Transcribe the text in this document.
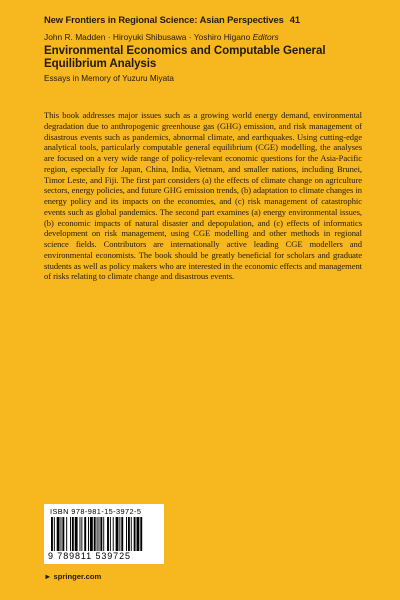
New Frontiers in Regional Science: Asian Perspectives 41
John R. Madden · Hiroyuki Shibusawa · Yoshiro Higano Editors
Environmental Economics and Computable General Equilibrium Analysis
Essays in Memory of Yuzuru Miyata
This book addresses major issues such as a growing world energy demand, environmental degradation due to anthropogenic greenhouse gas (GHG) emission, and risk management of disastrous events such as pandemics, abnormal climate, and earthquakes. Using cutting-edge analytical tools, particularly computable general equilibrium (CGE) modelling, the analyses are focused on a very wide range of policy-relevant economic questions for the Asia-Pacific region, especially for Japan, China, India, Vietnam, and smaller nations, including Brunei, Timor Leste, and Fiji. The first part considers (a) the effects of climate change on agriculture sectors, energy policies, and future GHG emission trends, (b) adaptation to climate changes in energy policy and its impacts on the economies, and (c) risk management of catastrophic events such as global pandemics. The second part examines (a) energy environmental issues, (b) economic impacts of natural disaster and depopulation, and (c) effects of informatics development on risk management, using CGE modelling and other methods in regional science fields. Contributors are internationally active leading CGE modellers and environmental economists. The book should be greatly beneficial for scholars and graduate students as well as policy makers who are interested in the economic effects and management of risks relating to climate change and disastrous events.
ISBN 978-981-15-3972-5
9 789811 539725
► springer.com
